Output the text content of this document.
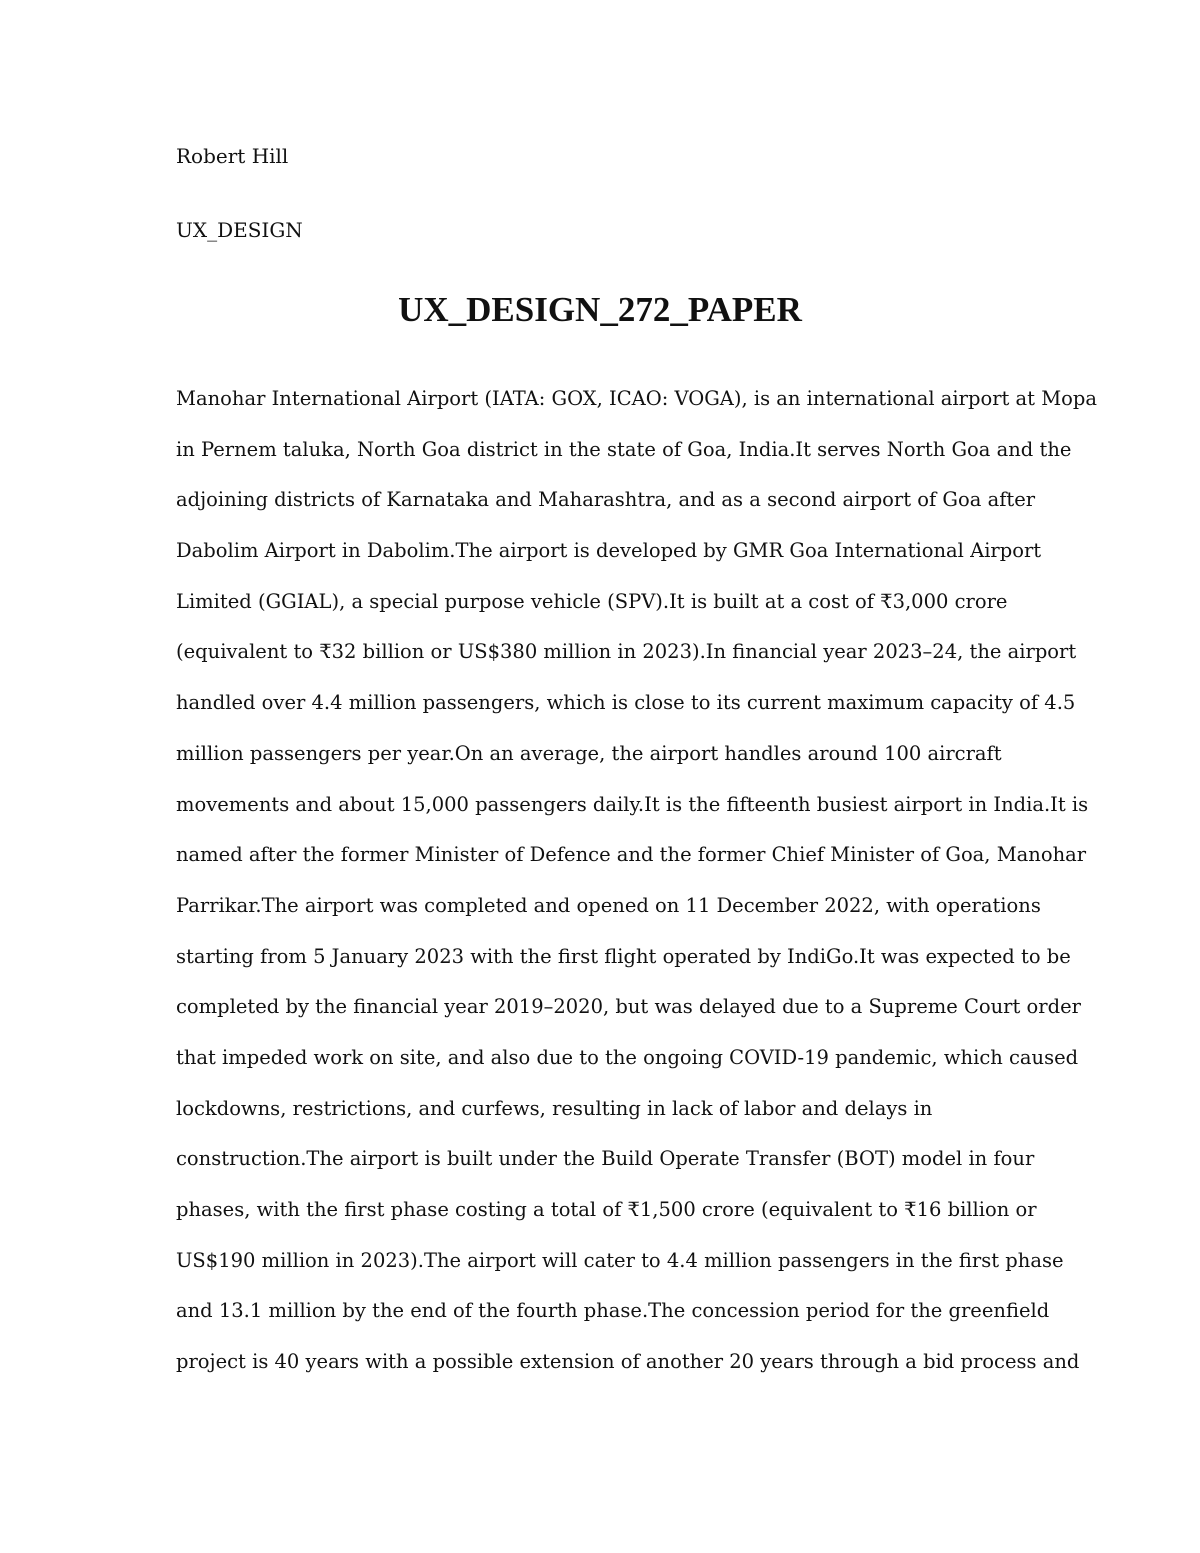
Robert Hill
UX_DESIGN
UX_DESIGN_272_PAPER
Manohar International Airport (IATA: GOX, ICAO: VOGA), is an international airport at Mopa
in Pernem taluka, North Goa district in the state of Goa, India.It serves North Goa and the
adjoining districts of Karnataka and Maharashtra, and as a second airport of Goa after
Dabolim Airport in Dabolim.The airport is developed by GMR Goa International Airport
Limited (GGIAL), a special purpose vehicle (SPV).It is built at a cost of ₹3,000 crore
(equivalent to ₹32 billion or US$380 million in 2023).In financial year 2023–24, the airport
handled over 4.4 million passengers, which is close to its current maximum capacity of 4.5
million passengers per year.On an average, the airport handles around 100 aircraft
movements and about 15,000 passengers daily.It is the fifteenth busiest airport in India.It is
named after the former Minister of Defence and the former Chief Minister of Goa, Manohar
Parrikar.The airport was completed and opened on 11 December 2022, with operations
starting from 5 January 2023 with the first flight operated by IndiGo.It was expected to be
completed by the financial year 2019–2020, but was delayed due to a Supreme Court order
that impeded work on site, and also due to the ongoing COVID-19 pandemic, which caused
lockdowns, restrictions, and curfews, resulting in lack of labor and delays in
construction.The airport is built under the Build Operate Transfer (BOT) model in four
phases, with the first phase costing a total of ₹1,500 crore (equivalent to ₹16 billion or
US$190 million in 2023).The airport will cater to 4.4 million passengers in the first phase
and 13.1 million by the end of the fourth phase.The concession period for the greenfield
project is 40 years with a possible extension of another 20 years through a bid process and
